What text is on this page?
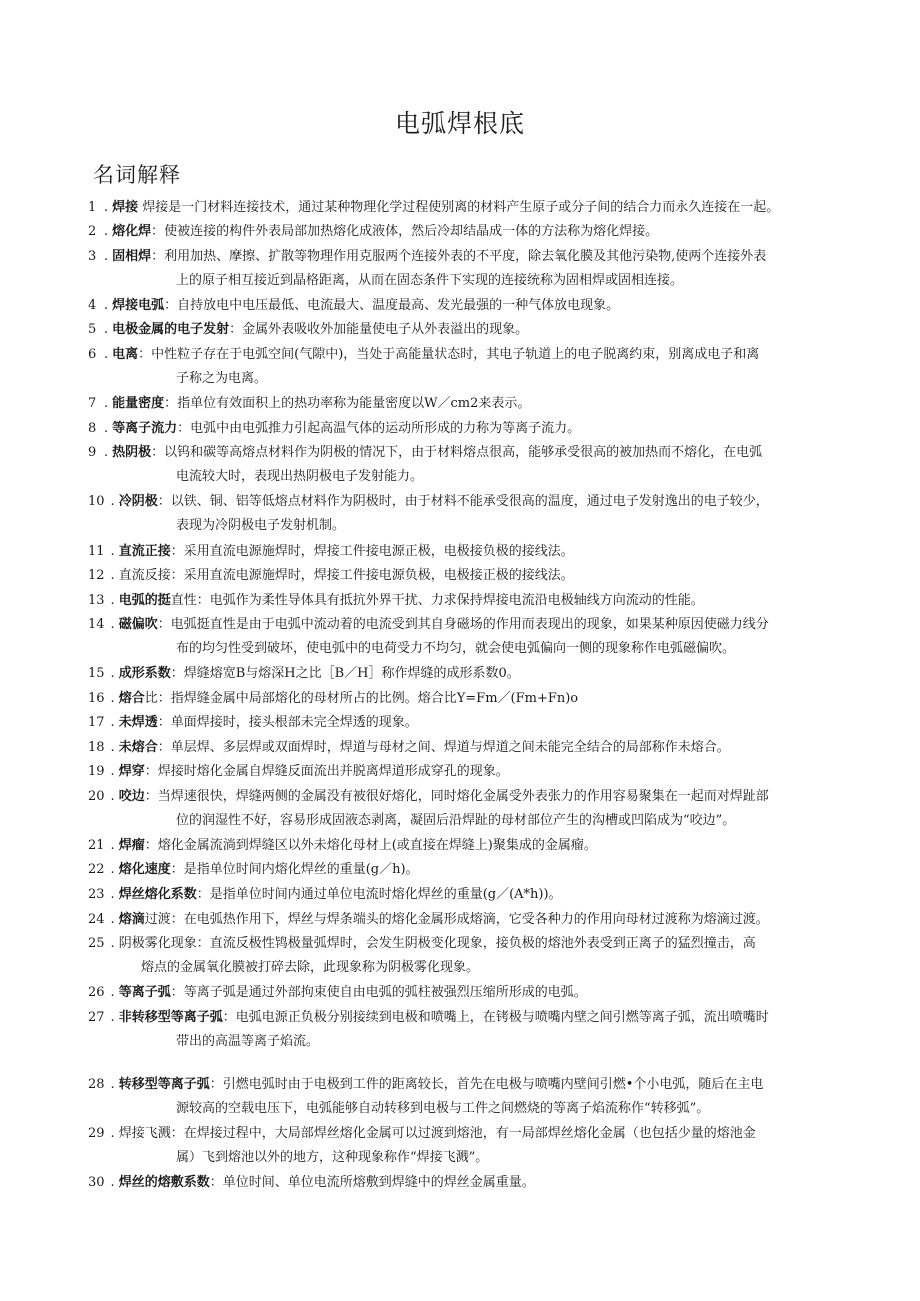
电弧焊根底
名词解释
1 . 焊接 焊接是一门材料连接技术，通过某种物理化学过程使别离的材料产生原子或分子间的结合力而永久连接在一起。
2 . 熔化焊：使被连接的构件外表局部加热熔化成液体，然后冷却结晶成一体的方法称为熔化焊接。
3 . 固相焊：利用加热、摩擦、扩散等物理作用克服两个连接外表的不平度，除去氧化膜及其他污染物,使两个连接外表
上的原子相互接近到晶格距离，从而在固态条件下实现的连接统称为固相焊或固相连接。
4 . 焊接电弧：自持放电中电压最低、电流最大、温度最高、发光最强的一种气体放电现象。
5 . 电极金属的电子发射：金属外表吸收外加能量使电子从外表溢出的现象。
6 . 电离：中性粒子存在于电弧空间(气隙中)，当处于高能量状态时，其电子轨道上的电子脱离约束，别离成电子和离
子称之为电离。
7 . 能量密度：指单位有效面积上的热功率称为能量密度以W／cm2来表示。
8 . 等离子流力：电弧中由电弧推力引起高温气体的运动所形成的力称为等离子流力。
9 . 热阴极：以钨和碳等高熔点材料作为阴极的情况下，由于材料熔点很高，能够承受很高的被加热而不熔化，在电弧
电流较大时，表现出热阴极电子发射能力。
10 . 冷阴极：以铁、铜、铝等低熔点材料作为阴极时，由于材料不能承受很高的温度，通过电子发射逸出的电子较少，
表现为冷阴极电子发射机制。
11 . 直流正接：采用直流电源施焊时，焊接工件接电源正极，电极接负极的接线法。
12 . 直流反接：采用直流电源施焊时，焊接工件接电源负极，电极接正极的接线法。
13 . 电弧的挺直性：电弧作为柔性导体具有抵抗外界干扰、力求保持焊接电流沿电极轴线方向流动的性能。
14 . 磁偏吹：电弧挺直性是由于电弧中流动着的电流受到其自身磁场的作用而表现出的现象，如果某种原因使磁力线分
布的均匀性受到破坏，使电弧中的电荷受力不均匀，就会使电弧偏向一侧的现象称作电弧磁偏吹。
15 . 成形系数：焊缝熔宽B与熔深H之比［B／H］称作焊缝的成形系数0。
16 . 熔合比：指焊缝金属中局部熔化的母材所占的比例。熔合比Y=Fm／(Fm+Fn)o
17 . 未焊透：单面焊接时，接头根部未完全焊透的现象。
18 . 未熔合：单层焊、多层焊或双面焊时，焊道与母材之间、焊道与焊道之间未能完全结合的局部称作未熔合。
19 . 焊穿：焊接时熔化金属自焊缝反面流出并脱离焊道形成穿孔的现象。
20 . 咬边：当焊速很快，焊缝两侧的金属没有被很好熔化，同时熔化金属受外表张力的作用容易聚集在一起而对焊趾部
位的润湿性不好，容易形成固液态剥离，凝固后沿焊趾的母材部位产生的沟槽或凹陷成为“咬边”。
21 . 焊瘤：熔化金属流淌到焊缝区以外未熔化母材上(或直接在焊缝上)聚集成的金属瘤。
22 . 熔化速度：是指单位时间内熔化焊丝的重量(g／h)。
23 . 焊丝熔化系数：是指单位时间内通过单位电流时熔化焊丝的重量(g／(A*h))。
24 . 熔滴过渡：在电弧热作用下，焊丝与焊条端头的熔化金属形成熔滴，它受各种力的作用向母材过渡称为熔滴过渡。
25 . 阴极雾化现象：直流反极性鸨极量弧焊时，会发生阴极变化现象，接负极的熔池外表受到正离子的猛烈撞击，高
熔点的金属氧化膜被打碎去除，此现象称为阴极雾化现象。
26 . 等离子弧：等离子弧是通过外部拘束使自由电弧的弧柱被强烈压缩所形成的电弧。
27 . 非转移型等离子弧：电弧电源正负极分别接续到电极和喷嘴上，在铐极与喷嘴内壁之间引燃等离子弧，流出喷嘴时
带出的高温等离子焰流。
28 . 转移型等离子弧：引燃电弧时由于电极到工件的距离较长，首先在电极与喷嘴内壁间引燃•个小电弧，随后在主电
源较高的空载电压下，电弧能够自动转移到电极与工件之间燃烧的等离子焰流称作“转移弧”。
29 . 焊接飞溅：在焊接过程中，大局部焊丝熔化金属可以过渡到熔池，有一局部焊丝熔化金属（也包括少量的熔池金
属）飞到熔池以外的地方，这种现象称作“焊接飞溅”。
30 . 焊丝的熔敷系数：单位时间、单位电流所熔敷到焊缝中的焊丝金属重量。
